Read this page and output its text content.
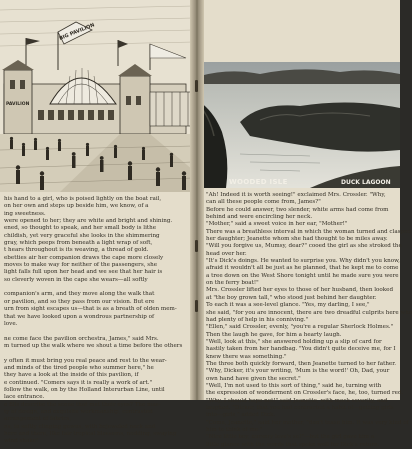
BIG PAVILION
PAVILION
his hand to a girl, who is poised lightly on the boat rail,
on her own and steps up beside him, we know, of a
ing sweetness.
were opened to her; they are white and bright and shining.
ened, so thought to speak, and her small body is lithe
childish, yet very graceful she looks in the shimmering
gray, which peeps from beneath a light wrap of soft,
t hears throughout is its weaving, a thread of gold.
ebetties air her companion draws the cape more closely
moves to make way for neither of the passengers, she
light falls full upon her head and we see that her hair is
so cleverly woven in the cape she wears—all softly

companion's arm, and they move along the walk that
or pavilion, and so they pass from our vision. But ere
urn from sight escapes us—that is as a breath of olden mem-
that we have looked upon a wondrous partnership of
love.

ne come face the pavilion orchestra, James," said Mrs.
m turned up the walk where we shout a time before the others

y often it must bring you real peace and rest to the wear-
and minds of the tired people who summer here," he
they have a look at the inside of this pavilion, if
e continued. "Comers says it is really a work of art."
follow the walk, on by the Holland Interurban Line, until
lace entrance.
e fills describe the scene that met their eyes? The mas-
ty of design, and exquisite workmanship, contrasted
arrangement of fabrics,
ns, in softly clinging gowns, with bejeweled neck and
here and there, like fair tropical blossoms, nodding, swaying
wind shake!
"Ah! Indeed it is worth seeing!" exclaimed Mrs. Crossler. "Why,
can all these people come from, James?"
Before he could answer, two slender, white arms had come from
behind and were encircling her neck.
"Mother," said a sweet voice in her ear, "Mother!"
There was a breathless interval in which the woman turned and clasped
her daughter; Jeanette whom she had thought to be miles away.
"Will you forgive us, Mumsy, dear?" cooed the girl as she stroked the
head over her.
"It's Dick's doings. He wanted to surprise you. Why didn't you know,
afraid it wouldn't all be just as he planned, that he kept me to come
a tree down on the West Shore tonight until he made sure you were
on the ferry boat!"
Mrs. Crossler lifted her eyes to those of her husband, then looked
at "the boy grown tall," who stood just behind her daughter.
To each it was a see-level glance. "Yes, my darling, I see,"
she said, "for you are innocent, there are two dreadful culprits here who
had plenty of help in his conniving."
"Ellen," said Crossler, evenly, "you're a regular Sherlock Holmes."
Then the laugh he gave, for him a hearty laugh.
"Well, look at this," she answered holding up a slip of card for
hastily taken from her handbag. "You didn't quite deceive me, for I
knew there was something."
The three both quickly forward, then Jeanette turned to her father.
"Why, Dicker, it's your writing, 'Mum is the word!' Oh, Dad, your
own hand have given the secret."
"Well, I'm not used to this sort of thing," said he, turning with
the expression of wonderment on Crossler's face, he, too, turned red.
"Why, I should hope not!" said Jeanette, with mock severity, and
laughed. "Dicker, that you had contracted a habit of—getting girls
into—girls," added Dick.
"Come, Jeanette," said her mother, "don't tease him. It was very kind of
him to think of me."
"Nice little boy, nursery love's so!"—but the girl gave him a
little glance with the words that spoke well for Dick's return.
WOODED ISLE	DUCK LAGOON
